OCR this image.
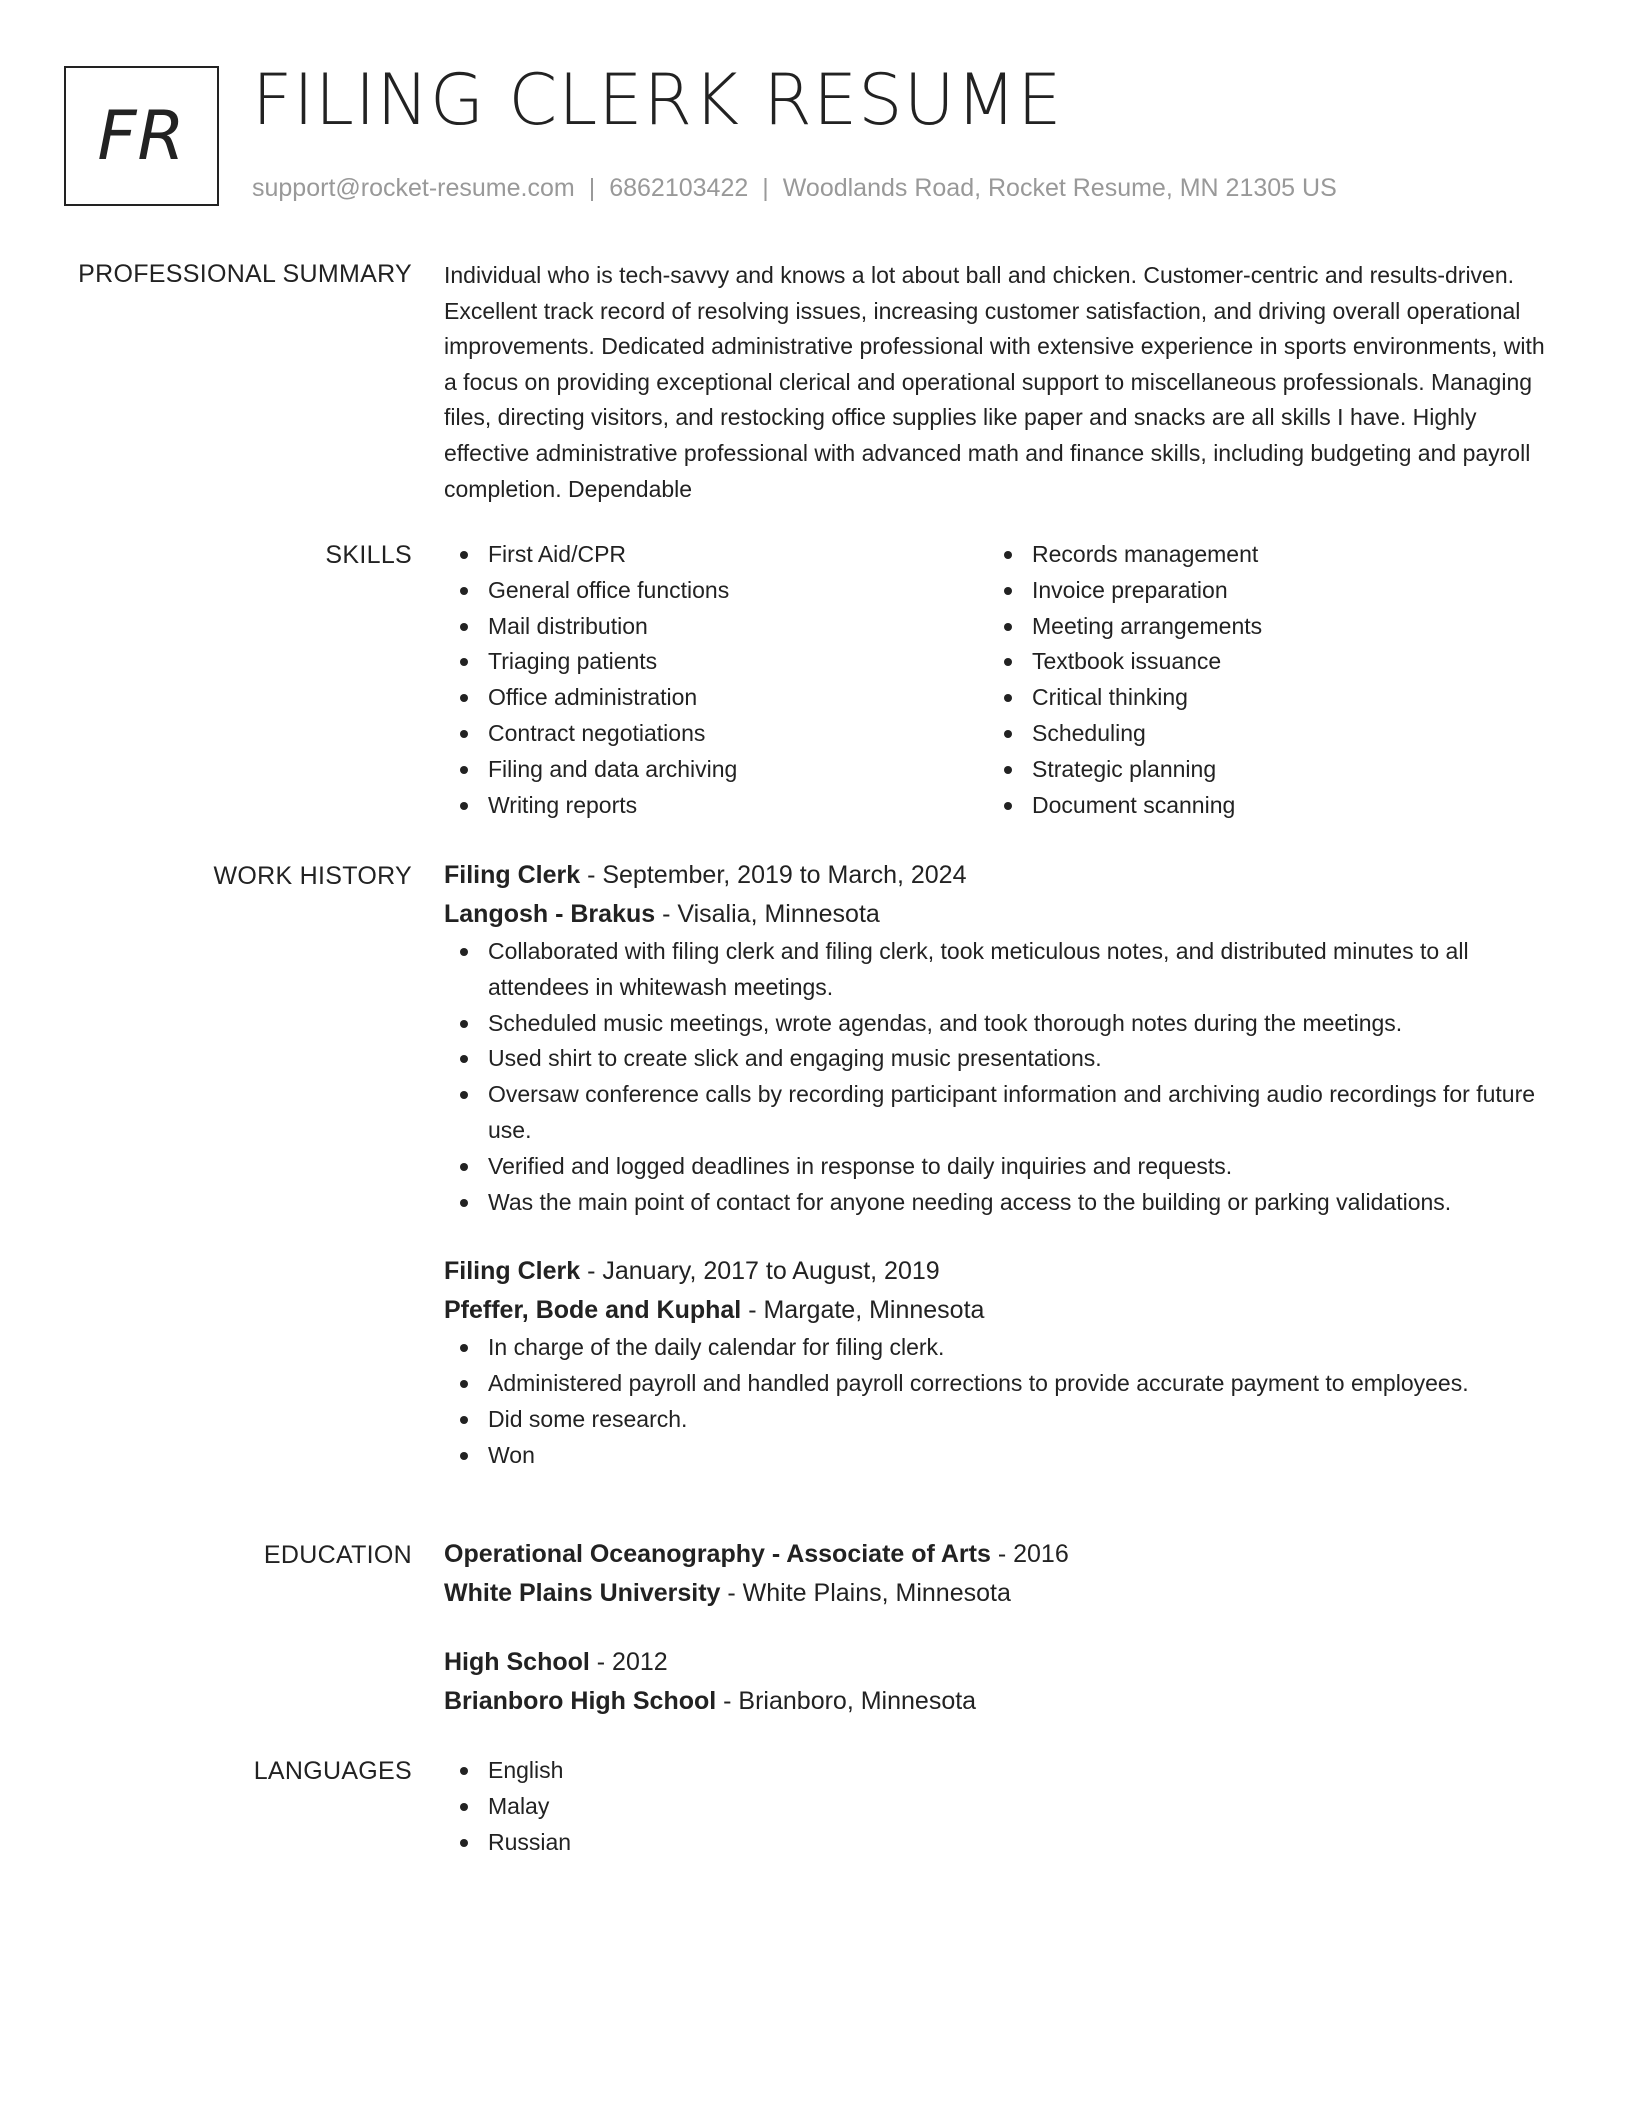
FR FILING CLERK RESUME
support@rocket-resume.com | 6862103422 | Woodlands Road, Rocket Resume, MN 21305 US
PROFESSIONAL SUMMARY Individual who is tech-savvy and knows a lot about ball and chicken. Customer-centric and results-driven. Excellent track record of resolving issues, increasing customer satisfaction, and driving overall operational improvements. Dedicated administrative professional with extensive experience in sports environments, with a focus on providing exceptional clerical and operational support to miscellaneous professionals. Managing files, directing visitors, and restocking office supplies like paper and snacks are all skills I have. Highly effective administrative professional with advanced math and finance skills, including budgeting and payroll completion. Dependable
SKILLS	First Aid/CPR
General office functions
Mail distribution
Triaging patients
Office administration
Contract negotiations
Filing and data archiving
Writing reports
Records management
Invoice preparation
Meeting arrangements
Textbook issuance
Critical thinking
Scheduling
Strategic planning
Document scanning
WORK HISTORY Filing Clerk - September, 2019 to March, 2024
Langosh - Brakus - Visalia, Minnesota
Collaborated with filing clerk and filing clerk, took meticulous notes, and distributed minutes to all attendees in whitewash meetings.
Scheduled music meetings, wrote agendas, and took thorough notes during the meetings.
Used shirt to create slick and engaging music presentations.
Oversaw conference calls by recording participant information and archiving audio recordings for future use.
Verified and logged deadlines in response to daily inquiries and requests.
Was the main point of contact for anyone needing access to the building or parking validations.
Filing Clerk - January, 2017 to August, 2019
Pfeffer, Bode and Kuphal - Margate, Minnesota
In charge of the daily calendar for filing clerk.
Administered payroll and handled payroll corrections to provide accurate payment to employees.
Did some research.
Won
EDUCATION Operational Oceanography - Associate of Arts - 2016
White Plains University - White Plains, Minnesota
High School - 2012
Brianboro High School - Brianboro, Minnesota
LANGUAGES	English
Malay
Russian
